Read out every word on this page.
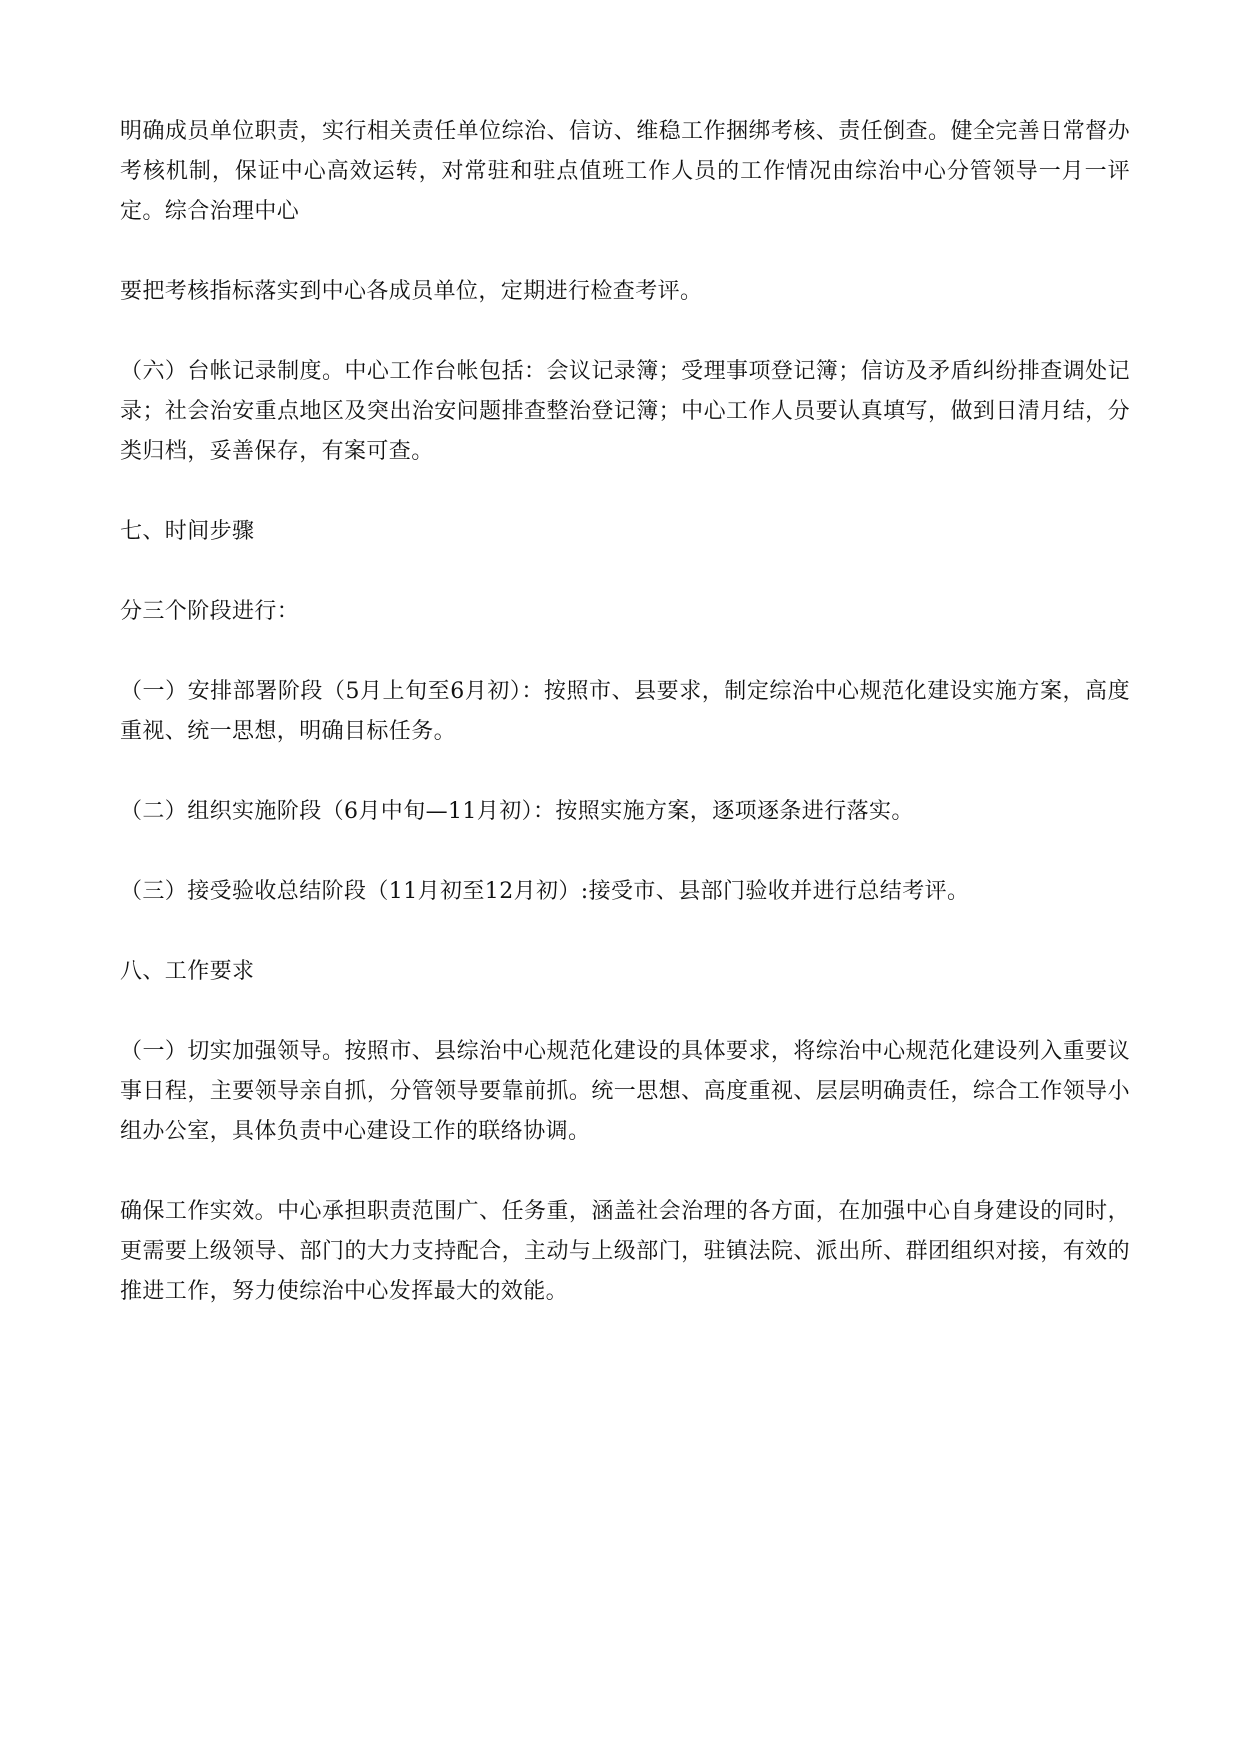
明确成员单位职责，实行相关责任单位综治、信访、维稳工作捆绑考核、责任倒查。健全完善日常督办考核机制，保证中心高效运转，对常驻和驻点值班工作人员的工作情况由综治中心分管领导一月一评定。综合治理中心

要把考核指标落实到中心各成员单位，定期进行检查考评。

（六）台帐记录制度。中心工作台帐包括：会议记录簿；受理事项登记簿；信访及矛盾纠纷排查调处记录；社会治安重点地区及突出治安问题排查整治登记簿；中心工作人员要认真填写，做到日清月结，分类归档，妥善保存，有案可查。

七、时间步骤

分三个阶段进行：

（一）安排部署阶段（5月上旬至6月初）：按照市、县要求，制定综治中心规范化建设实施方案，高度重视、统一思想，明确目标任务。

（二）组织实施阶段（6月中旬—11月初）：按照实施方案，逐项逐条进行落实。

（三）接受验收总结阶段（11月初至12月初）:接受市、县部门验收并进行总结考评。

八、工作要求

（一）切实加强领导。按照市、县综治中心规范化建设的具体要求，将综治中心规范化建设列入重要议事日程，主要领导亲自抓，分管领导要靠前抓。统一思想、高度重视、层层明确责任，综合工作领导小组办公室，具体负责中心建设工作的联络协调。

确保工作实效。中心承担职责范围广、任务重，涵盖社会治理的各方面，在加强中心自身建设的同时，更需要上级领导、部门的大力支持配合，主动与上级部门，驻镇法院、派出所、群团组织对接，有效的推进工作，努力使综治中心发挥最大的效能。
